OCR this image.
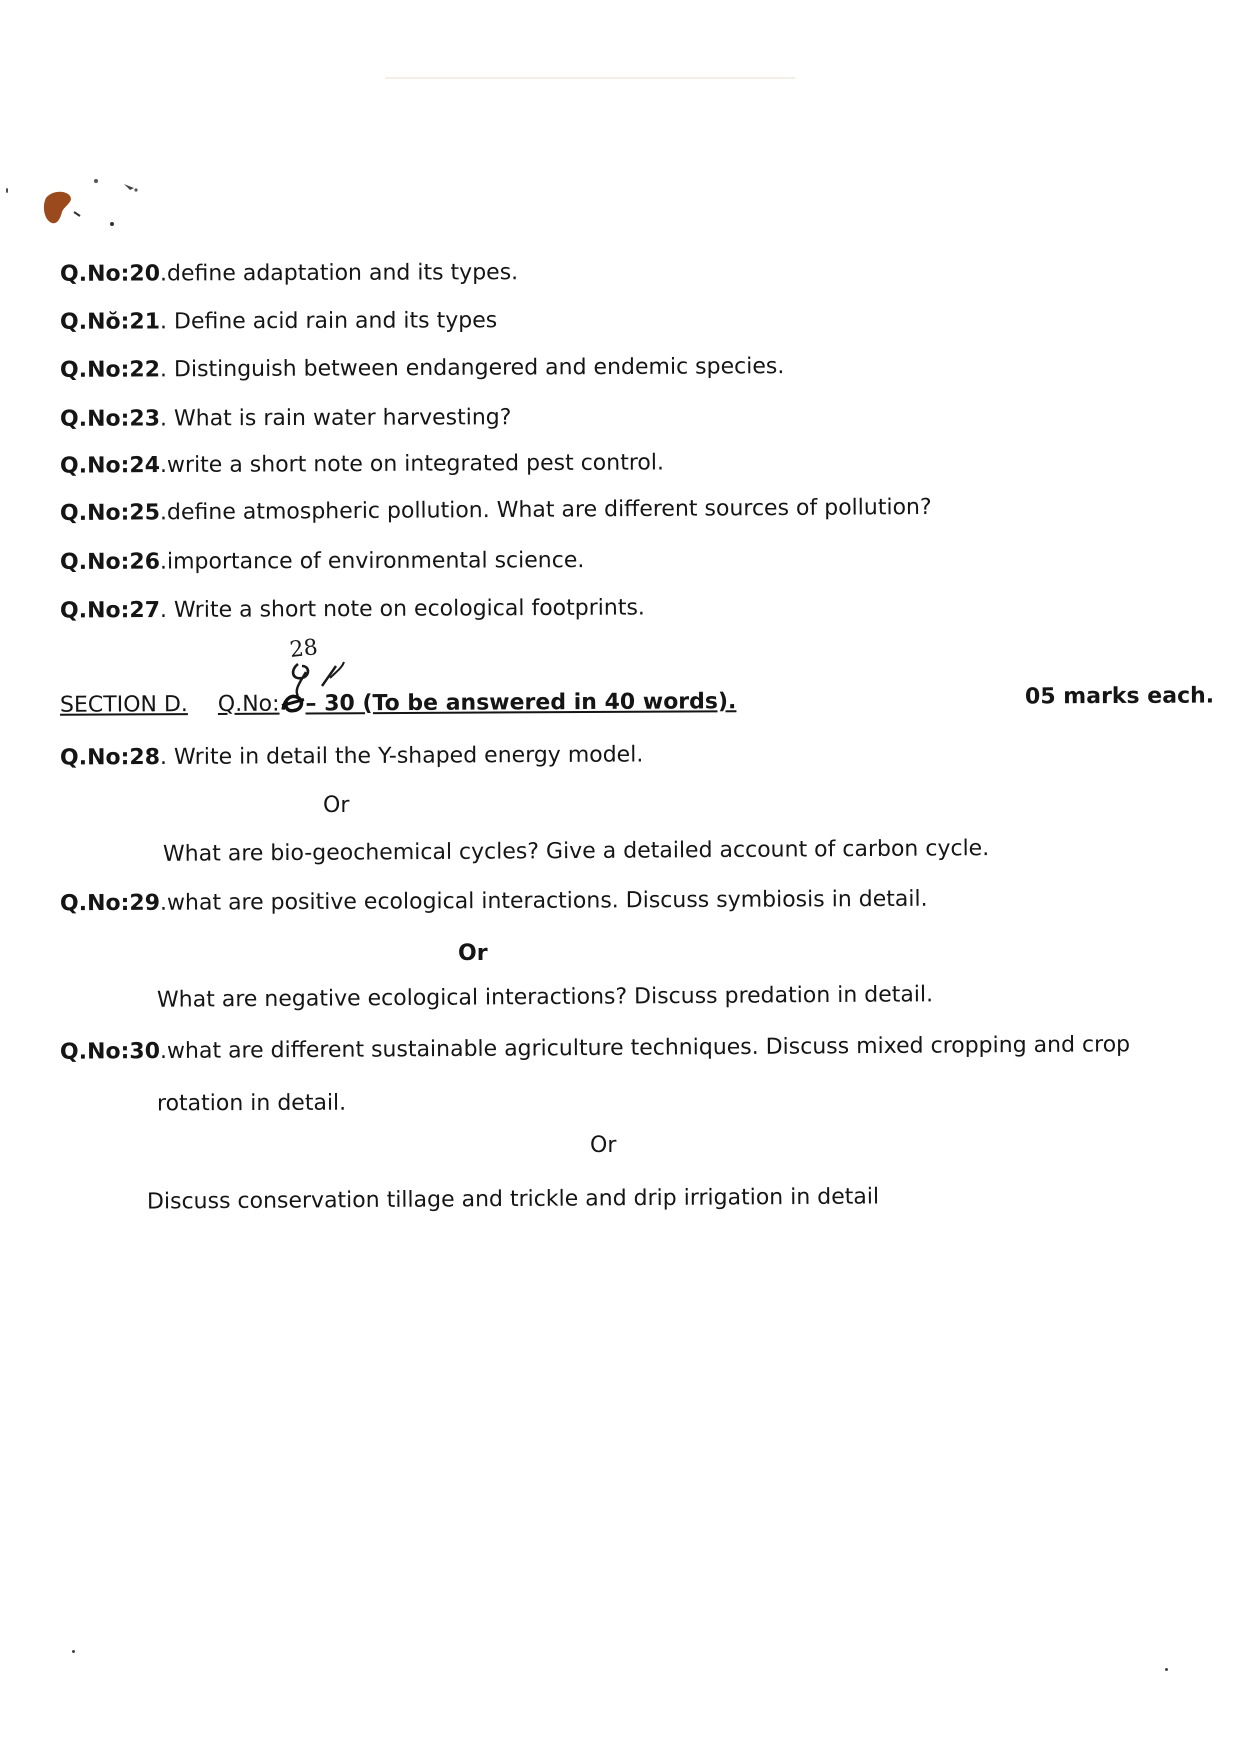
Q.No:20.define adaptation and its types.
Q.Nŏ:21. Define acid rain and its types
Q.No:22. Distinguish between endangered and endemic species.
Q.No:23. What is rain water harvesting?
Q.No:24.write a short note on integrated pest control.
Q.No:25.define atmospheric pollution. What are different sources of pollution?
Q.No:26.importance of environmental science.
Q.No:27. Write a short note on ecological footprints.
28
SECTION D. Q.No: – 30 (To be answered in 40 words).	05 marks each.
Q.No:28. Write in detail the Y-shaped energy model.
Or
What are bio-geochemical cycles? Give a detailed account of carbon cycle.
Q.No:29.what are positive ecological interactions. Discuss symbiosis in detail.
Or
What are negative ecological interactions? Discuss predation in detail.
Q.No:30.what are different sustainable agriculture techniques. Discuss mixed cropping and crop
rotation in detail.
Or
Discuss conservation tillage and trickle and drip irrigation in detail
